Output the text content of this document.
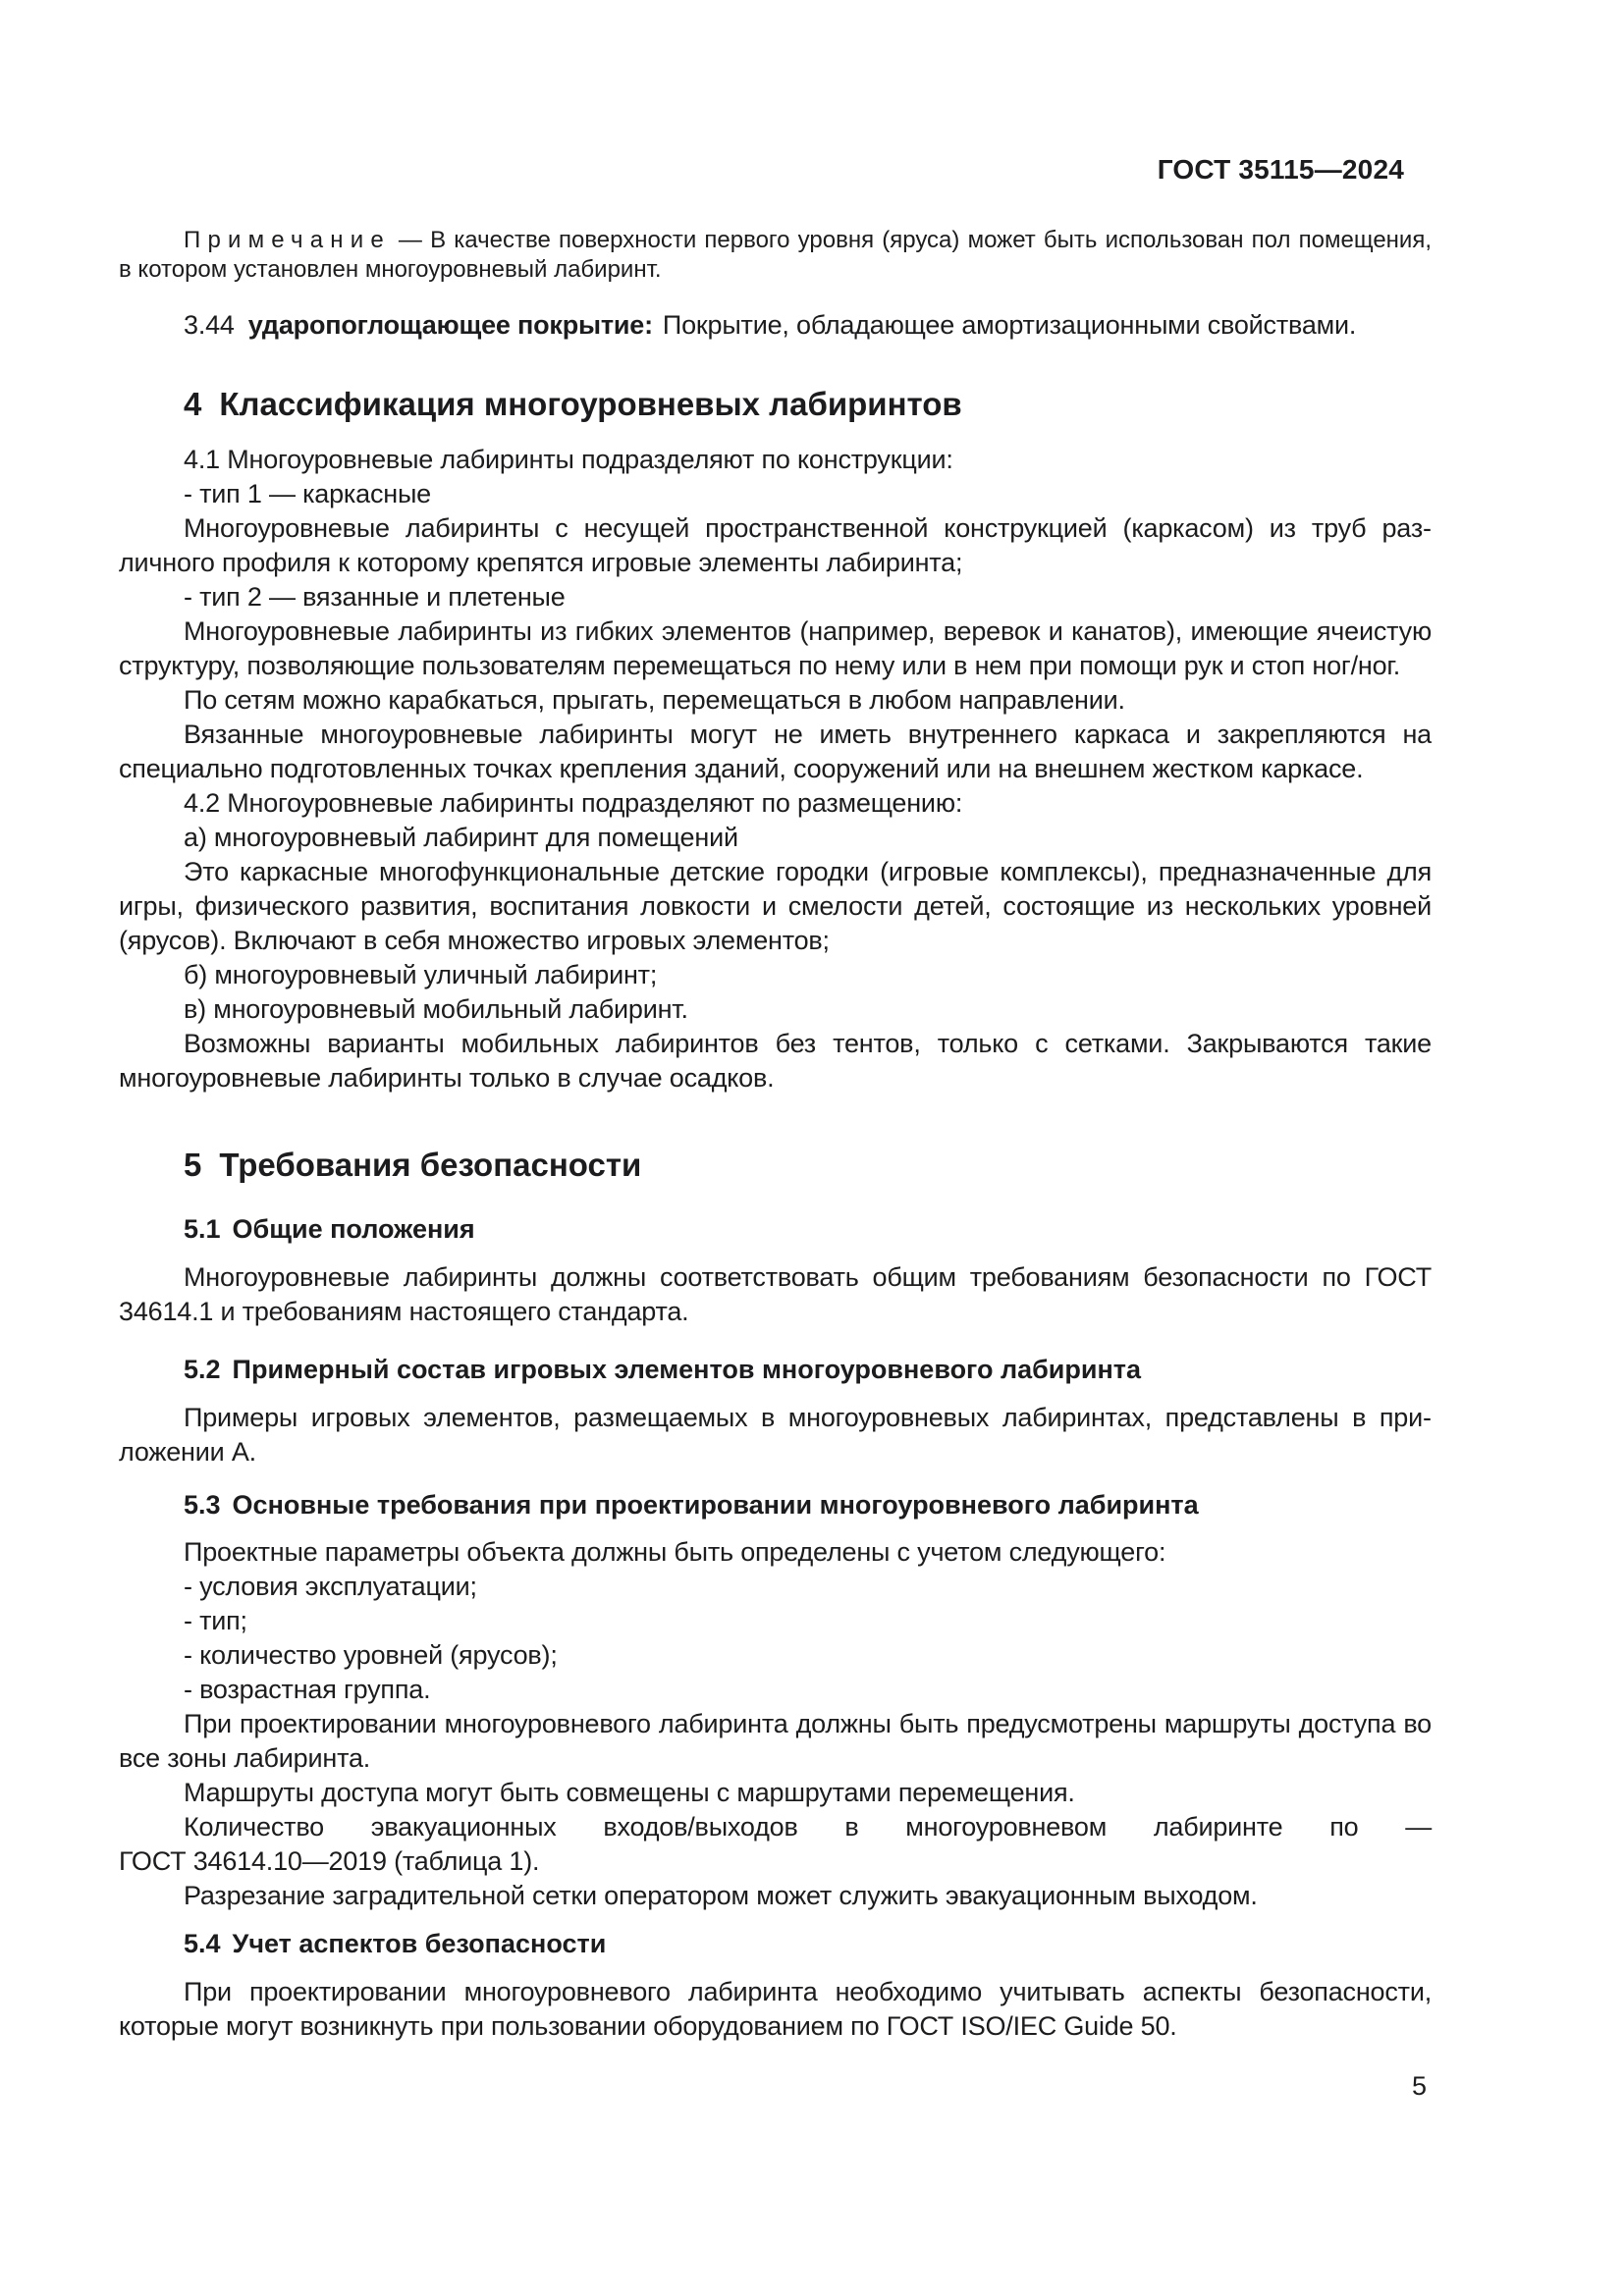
ГОСТ 35115—2024

Примечание — В качестве поверхности первого уровня (яруса) может быть использован пол помещения, в котором установлен многоуровневый лабиринт.

3.44 ударопоглощающее покрытие: Покрытие, обладающее амортизационными свойствами.

4 Классификация многоуровневых лабиринтов

4.1 Многоуровневые лабиринты подразделяют по конструкции:

- тип 1 — каркасные

Многоуровневые лабиринты с несущей пространственной конструкцией (каркасом) из труб различного профиля к которому крепятся игровые элементы лабиринта;

- тип 2 — вязанные и плетеные

Многоуровневые лабиринты из гибких элементов (например, веревок и канатов), имеющие ячеистую структуру, позволяющие пользователям перемещаться по нему или в нем при помощи рук и стоп ног/ног.

По сетям можно карабкаться, прыгать, перемещаться в любом направлении.

Вязанные многоуровневые лабиринты могут не иметь внутреннего каркаса и закрепляются на специально подготовленных точках крепления зданий, сооружений или на внешнем жестком каркасе.

4.2 Многоуровневые лабиринты подразделяют по размещению:

а) многоуровневый лабиринт для помещений

Это каркасные многофункциональные детские городки (игровые комплексы), предназначенные для игры, физического развития, воспитания ловкости и смелости детей, состоящие из нескольких уровней (ярусов). Включают в себя множество игровых элементов;

б) многоуровневый уличный лабиринт;

в) многоуровневый мобильный лабиринт.

Возможны варианты мобильных лабиринтов без тентов, только с сетками. Закрываются такие многоуровневые лабиринты только в случае осадков.

5 Требования безопасности
5.1 Общие положения

Многоуровневые лабиринты должны соответствовать общим требованиям безопасности по ГОСТ 34614.1 и требованиям настоящего стандарта.

5.2 Примерный состав игровых элементов многоуровневого лабиринта

Примеры игровых элементов, размещаемых в многоуровневых лабиринтах, представлены в приложении А.

5.3 Основные требования при проектировании многоуровневого лабиринта

Проектные параметры объекта должны быть определены с учетом следующего:

- условия эксплуатации;

- тип;

- количество уровней (ярусов);

- возрастная группа.

При проектировании многоуровневого лабиринта должны быть предусмотрены маршруты доступа во все зоны лабиринта.

Маршруты доступа могут быть совмещены с маршрутами перемещения.

Количество эвакуационных входов/выходов в многоуровневом лабиринте по —

ГОСТ 34614.10—2019 (таблица 1).

Разрезание заградительной сетки оператором может служить эвакуационным выходом.

5.4 Учет аспектов безопасности

При проектировании многоуровневого лабиринта необходимо учитывать аспекты безопасности, которые могут возникнуть при пользовании оборудованием по ГОСТ ISO/IEC Guide 50.

5
